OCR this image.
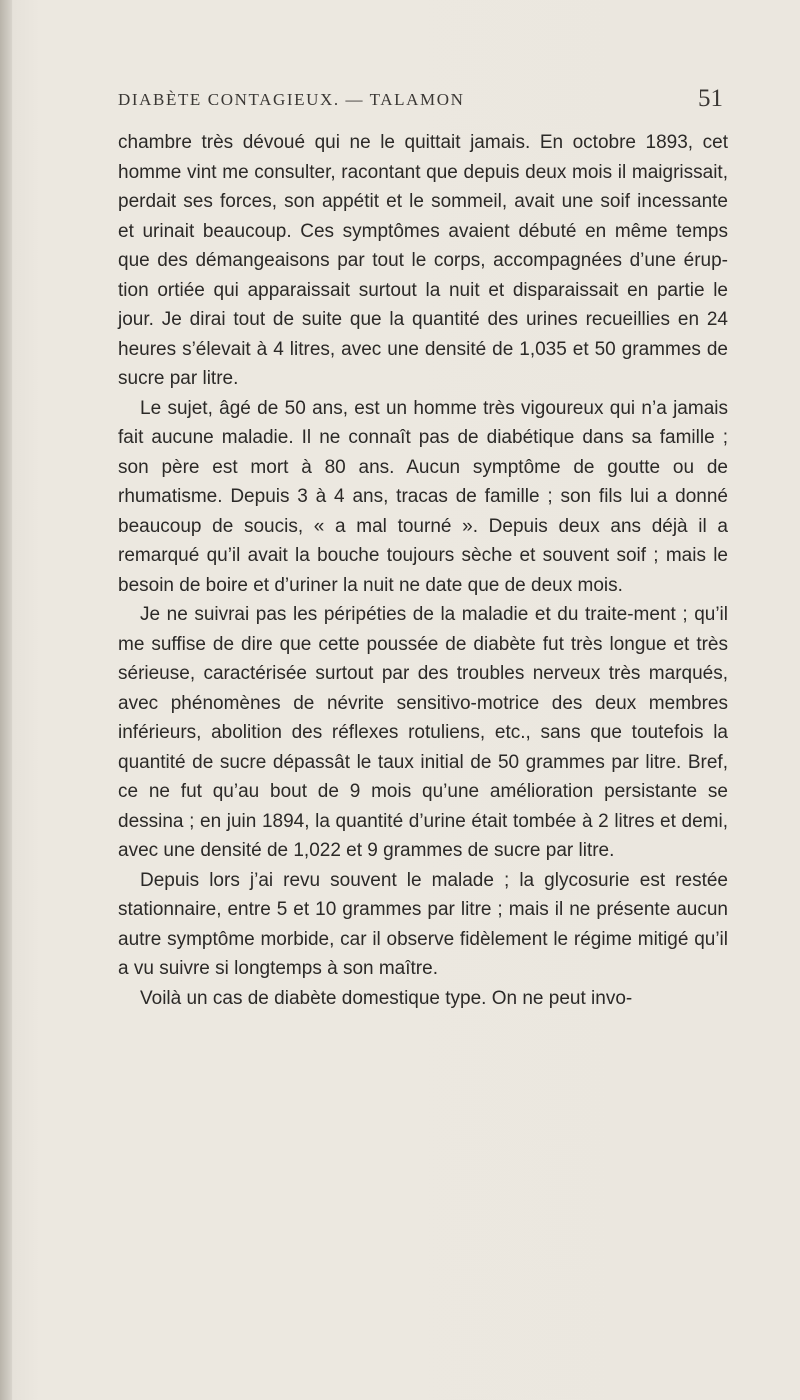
DIABÈTE CONTAGIEUX. — TALAMON	51

chambre très dévoué qui ne le quittait jamais. En octobre 1893, cet homme vint me consulter, racontant que depuis deux mois il maigrissait, perdait ses forces, son appétit et le sommeil, avait une soif incessante et urinait beaucoup. Ces symptômes avaient débuté en même temps que des démangeaisons par tout le corps, accompagnées d’une érup-tion ortiée qui apparaissait surtout la nuit et disparaissait en partie le jour. Je dirai tout de suite que la quantité des urines recueillies en 24 heures s’élevait à 4 litres, avec une densité de 1,035 et 50 grammes de sucre par litre.

Le sujet, âgé de 50 ans, est un homme très vigoureux qui n’a jamais fait aucune maladie. Il ne connaît pas de diabétique dans sa famille ; son père est mort à 80 ans. Aucun symptôme de goutte ou de rhumatisme. Depuis 3 à 4 ans, tracas de famille ; son fils lui a donné beaucoup de soucis, « a mal tourné ». Depuis deux ans déjà il a remarqué qu’il avait la bouche toujours sèche et souvent soif ; mais le besoin de boire et d’uriner la nuit ne date que de deux mois.

Je ne suivrai pas les péripéties de la maladie et du traite-ment ; qu’il me suffise de dire que cette poussée de diabète fut très longue et très sérieuse, caractérisée surtout par des troubles nerveux très marqués, avec phénomènes de névrite sensitivo-motrice des deux membres inférieurs, abolition des réflexes rotuliens, etc., sans que toutefois la quantité de sucre dépassât le taux initial de 50 grammes par litre. Bref, ce ne fut qu’au bout de 9 mois qu’une amélioration persistante se dessina ; en juin 1894, la quantité d’urine était tombée à 2 litres et demi, avec une densité de 1,022 et 9 grammes de sucre par litre.

Depuis lors j’ai revu souvent le malade ; la glycosurie est restée stationnaire, entre 5 et 10 grammes par litre ; mais il ne présente aucun autre symptôme morbide, car il observe fidèlement le régime mitigé qu’il a vu suivre si longtemps à son maître.

Voilà un cas de diabète domestique type. On ne peut invo-
